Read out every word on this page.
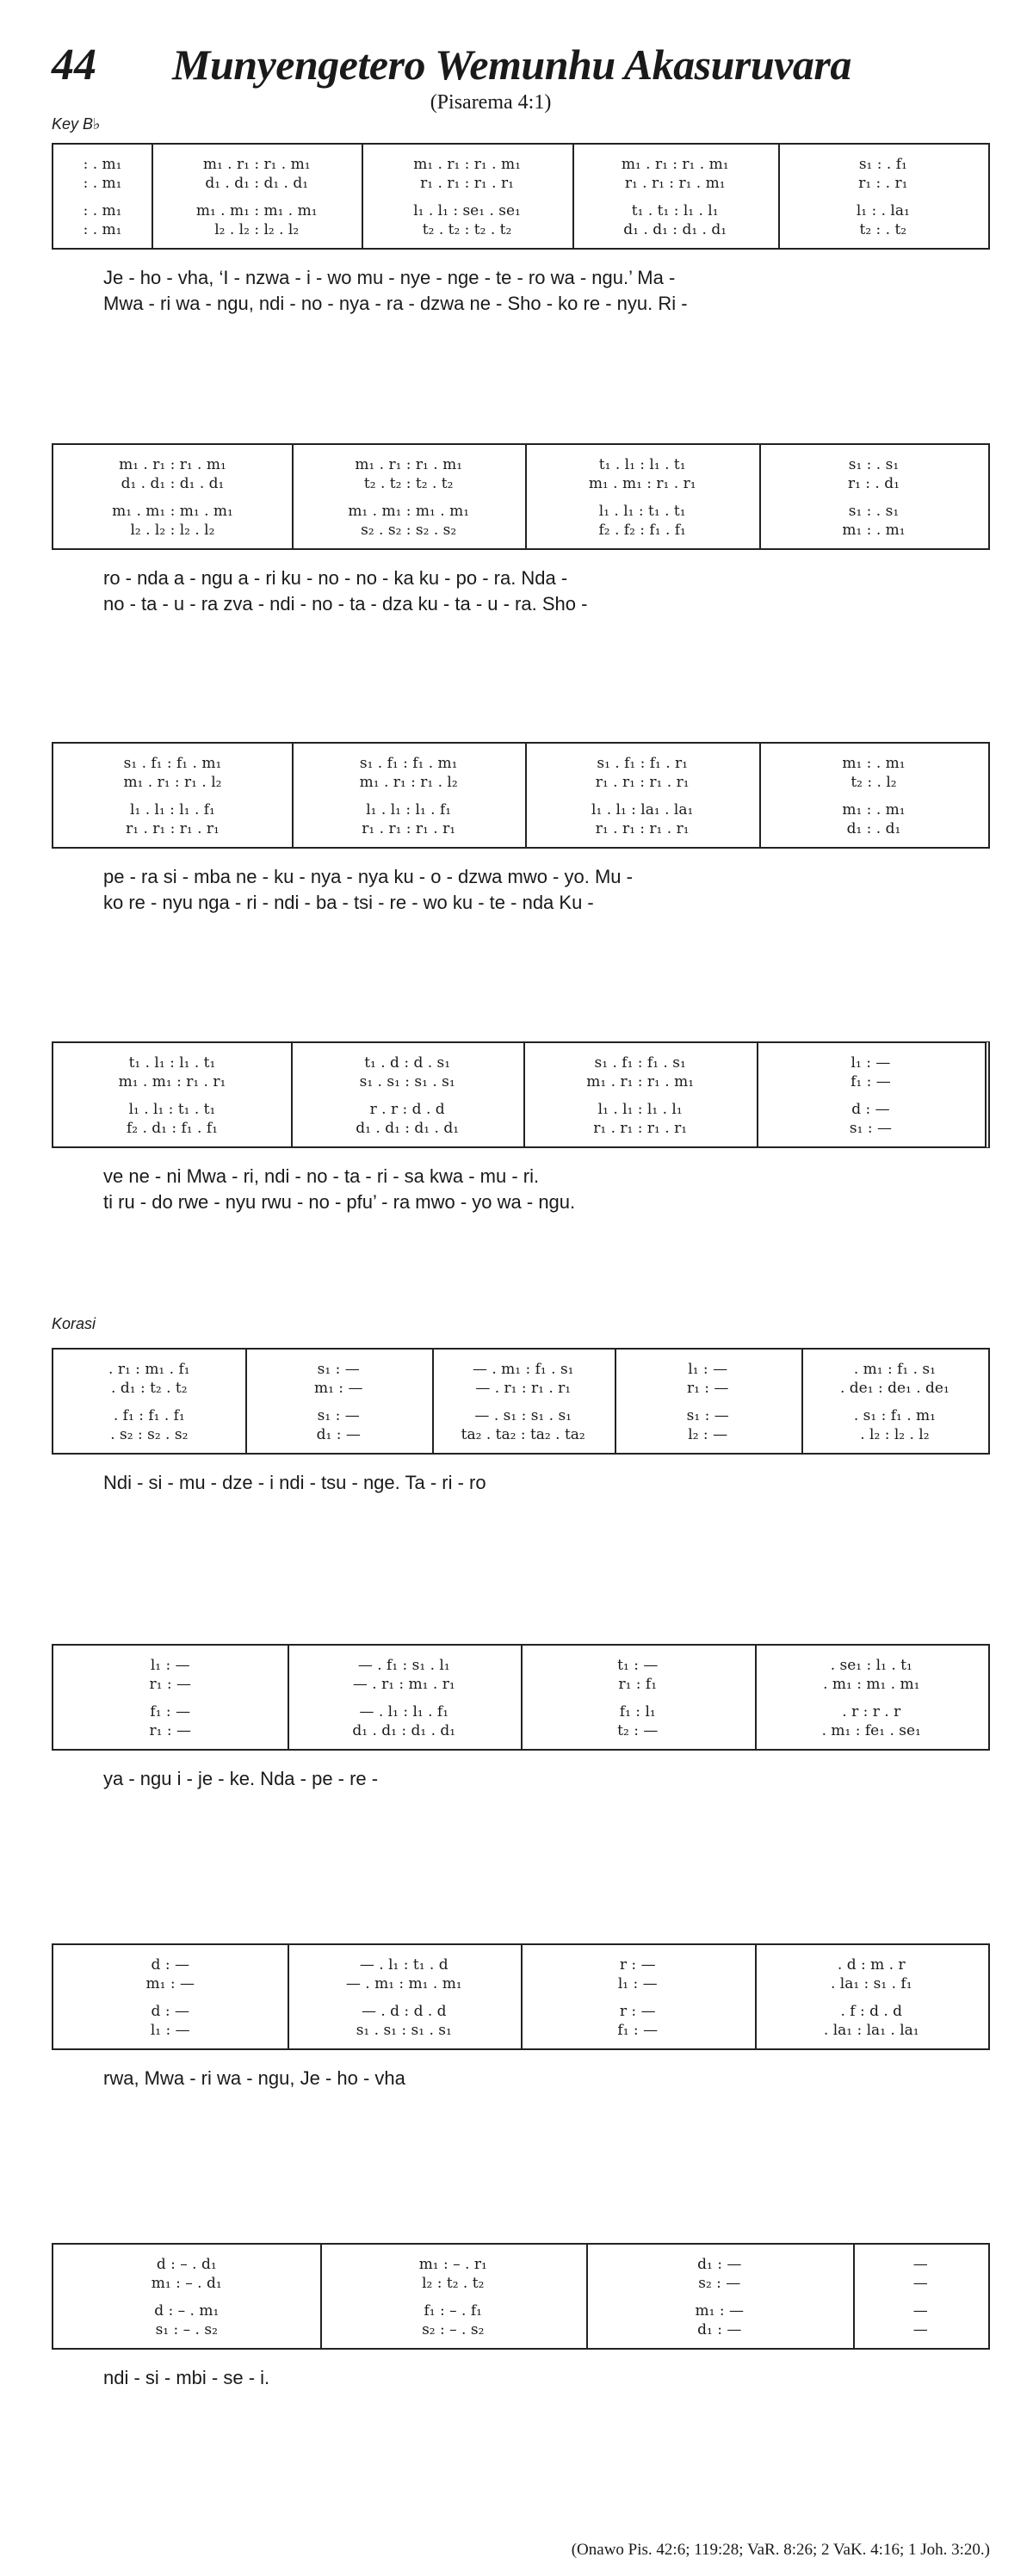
44 Munyengetero Wemunhu Akasuruvara
(Pisarema 4:1)
Key B♭
Korasi
: . m₁
: . m₁
: . m₁
: . m₁
m₁ . r₁ : r₁ . m₁
d₁ . d₁ : d₁ . d₁
m₁ . m₁ : m₁ . m₁
l₂ . l₂ : l₂ . l₂
m₁ . r₁ : r₁ . m₁
r₁ . r₁ : r₁ . r₁
l₁ . l₁ : se₁ . se₁
t₂ . t₂ : t₂ . t₂
m₁ . r₁ : r₁ . m₁
r₁ . r₁ : r₁ . m₁
t₁ . t₁ : l₁ . l₁
d₁ . d₁ : d₁ . d₁
s₁ : . f₁
r₁ : . r₁
l₁ : . la₁
t₂ : . t₂
Je - ho - vha, ‘I - nzwa - i - wo mu - nye - nge - te - ro wa - ngu.’ Ma -
Mwa - ri wa - ngu, ndi - no - nya - ra - dzwa ne - Sho - ko re - nyu. Ri -
m₁ . r₁ : r₁ . m₁
d₁ . d₁ : d₁ . d₁
m₁ . m₁ : m₁ . m₁
l₂ . l₂ : l₂ . l₂
m₁ . r₁ : r₁ . m₁
t₂ . t₂ : t₂ . t₂
m₁ . m₁ : m₁ . m₁
s₂ . s₂ : s₂ . s₂
t₁ . l₁ : l₁ . t₁
m₁ . m₁ : r₁ . r₁
l₁ . l₁ : t₁ . t₁
f₂ . f₂ : f₁ . f₁
s₁ : . s₁
r₁ : . d₁
s₁ : . s₁
m₁ : . m₁
ro - nda a - ngu a - ri ku - no - no - ka ku - po - ra. Nda -
no - ta - u - ra zva - ndi - no - ta - dza ku - ta - u - ra. Sho -
s₁ . f₁ : f₁ . m₁
m₁ . r₁ : r₁ . l₂
l₁ . l₁ : l₁ . f₁
r₁ . r₁ : r₁ . r₁
s₁ . f₁ : f₁ . m₁
m₁ . r₁ : r₁ . l₂
l₁ . l₁ : l₁ . f₁
r₁ . r₁ : r₁ . r₁
s₁ . f₁ : f₁ . r₁
r₁ . r₁ : r₁ . r₁
l₁ . l₁ : la₁ . la₁
r₁ . r₁ : r₁ . r₁
m₁ : . m₁
t₂ : . l₂
m₁ : . m₁
d₁ : . d₁
pe - ra si - mba ne - ku - nya - nya ku - o - dzwa mwo - yo. Mu -
ko re - nyu nga - ri - ndi - ba - tsi - re - wo ku - te - nda Ku -
t₁ . l₁ : l₁ . t₁
m₁ . m₁ : r₁ . r₁
l₁ . l₁ : t₁ . t₁
f₂ . d₁ : f₁ . f₁
t₁ . d : d . s₁
s₁ . s₁ : s₁ . s₁
r . r : d . d
d₁ . d₁ : d₁ . d₁
s₁ . f₁ : f₁ . s₁
m₁ . r₁ : r₁ . m₁
l₁ . l₁ : l₁ . l₁
r₁ . r₁ : r₁ . r₁
l₁ : —
f₁ : —
d : —
s₁ : —
ve ne - ni Mwa - ri, ndi - no - ta - ri - sa kwa - mu - ri.
ti ru - do rwe - nyu rwu - no - pfu’ - ra mwo - yo wa - ngu.
. r₁ : m₁ . f₁
. d₁ : t₂ . t₂
. f₁ : f₁ . f₁
. s₂ : s₂ . s₂
s₁ : —
m₁ : —
s₁ : —
d₁ : —
— . m₁ : f₁ . s₁
— . r₁ : r₁ . r₁
— . s₁ : s₁ . s₁
ta₂ . ta₂ : ta₂ . ta₂
l₁ : —
r₁ : —
s₁ : —
l₂ : —
. m₁ : f₁ . s₁
. de₁ : de₁ . de₁
. s₁ : f₁ . m₁
. l₂ : l₂ . l₂
Ndi - si - mu - dze - i ndi - tsu - nge. Ta - ri - ro
l₁ : —
r₁ : —
f₁ : —
r₁ : —
— . f₁ : s₁ . l₁
— . r₁ : m₁ . r₁
— . l₁ : l₁ . f₁
d₁ . d₁ : d₁ . d₁
t₁ : —
r₁ : f₁
f₁ : l₁
t₂ : —
. se₁ : l₁ . t₁
. m₁ : m₁ . m₁
. r : r . r
. m₁ : fe₁ . se₁
ya - ngu i - je - ke. Nda - pe - re -
d : —
m₁ : —
d : —
l₁ : —
— . l₁ : t₁ . d
— . m₁ : m₁ . m₁
— . d : d . d
s₁ . s₁ : s₁ . s₁
r : —
l₁ : —
r : —
f₁ : —
. d : m . r
. la₁ : s₁ . f₁
. f : d . d
. la₁ : la₁ . la₁
rwa, Mwa - ri wa - ngu, Je - ho - vha
d : – . d₁
m₁ : – . d₁
d : – . m₁
s₁ : – . s₂
m₁ : – . r₁
l₂ : t₂ . t₂
f₁ : – . f₁
s₂ : – . s₂
d₁ : —
s₂ : —
m₁ : —
d₁ : —
—
—
—
—
ndi - si - mbi - se - i.
(Onawo Pis. 42:6; 119:28; VaR. 8:26; 2 VaK. 4:16; 1 Joh. 3:20.)
